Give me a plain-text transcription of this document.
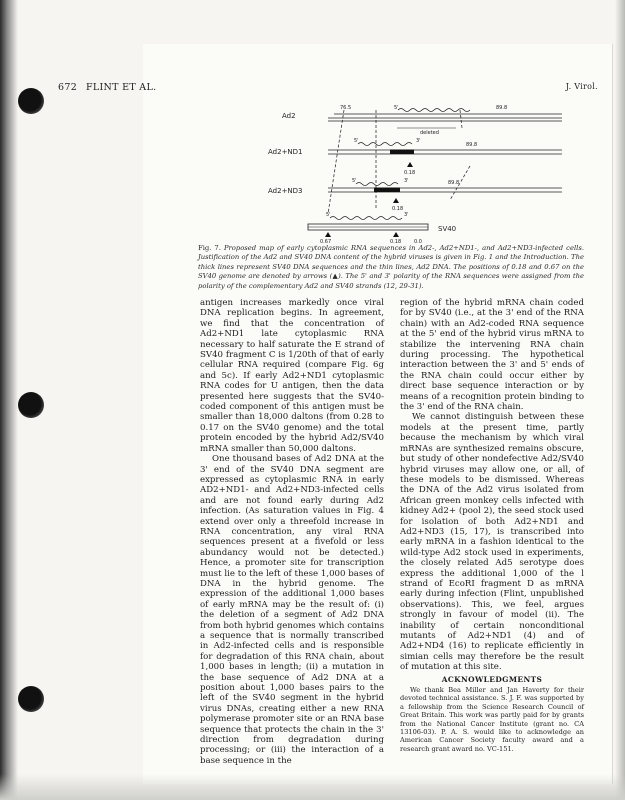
672 FLINT ET AL.	J. Virol.
Ad2
76.5	89.8
5'
deleted
Ad2+ND1
5'	3'
89.8
0.18
Ad2+ND3
5'	3'	89.8
0.18
SV40
5'	3'
0.67	0.18	0.0
Fig. 7. Proposed map of early cytoplasmic RNA sequences in Ad2-, Ad2+ND1-, and Ad2+ND3-infected cells. Justification of the Ad2 and SV40 DNA content of the hybrid viruses is given in Fig. 1 and the Introduction. The thick lines represent SV40 DNA sequences and the thin lines, Ad2 DNA. The positions of 0.18 and 0.67 on the SV40 genome are denoted by arrows (▲). The 5' and 3' polarity of the RNA sequences were assigned from the polarity of the complementary Ad2 and SV40 strands (12, 29-31).

antigen increases markedly once viral DNA replication begins. In agreement, we find that the concentration of Ad2+ND1 late cytoplasmic RNA necessary to half saturate the E strand of SV40 fragment C is 1/20th of that of early cellular RNA required (compare Fig. 6g and 5c). If early Ad2+ND1 cytoplasmic RNA codes for U antigen, then the data presented here suggests that the SV40-coded component of this antigen must be smaller than 18,000 daltons (from 0.28 to 0.17 on the SV40 genome) and the total protein encoded by the hybrid Ad2/SV40 mRNA smaller than 50,000 daltons.

One thousand bases of Ad2 DNA at the 3' end of the SV40 DNA segment are expressed as cytoplasmic RNA in early AD2+ND1- and Ad2+ND3-infected cells and are not found early during Ad2 infection. (As saturation values in Fig. 4 extend over only a threefold increase in RNA concentration, any viral RNA sequences present at a fivefold or less abundancy would not be detected.) Hence, a promoter site for transcription must lie to the left of these 1,000 bases of DNA in the hybrid genome. The expression of the additional 1,000 bases of early mRNA may be the result of: (i) the deletion of a segment of Ad2 DNA from both hybrid genomes which contains a sequence that is normally transcribed in Ad2-infected cells and is responsible for degradation of this RNA chain, about 1,000 bases in length; (ii) a mutation in the base sequence of Ad2 DNA at a position about 1,000 bases pairs to the left of the SV40 segment in the hybrid virus DNAs, creating either a new RNA polymerase promoter site or an RNA base sequence that protects the chain in the 3' direction from degradation during processing; or (iii) the interaction of a base sequence in the

region of the hybrid mRNA chain coded for by SV40 (i.e., at the 3' end of the RNA chain) with an Ad2-coded RNA sequence at the 5' end of the hybrid virus mRNA to stabilize the intervening RNA chain during processing. The hypothetical interaction between the 3' and 5' ends of the RNA chain could occur either by direct base sequence interaction or by means of a recognition protein binding to the 3' end of the RNA chain.

We cannot distinguish between these models at the present time, partly because the mechanism by which viral mRNAs are synthesized remains obscure, but study of other nondefective Ad2/SV40 hybrid viruses may allow one, or all, of these models to be dismissed. Whereas the DNA of the Ad2 virus isolated from African green monkey cells infected with kidney Ad2+ (pool 2), the seed stock used for isolation of both Ad2+ND1 and Ad2+ND3 (15, 17), is transcribed into early mRNA in a fashion identical to the wild-type Ad2 stock used in experiments, the closely related Ad5 serotype does express the additional 1,000 of the l strand of EcoRI fragment D as mRNA early during infection (Flint, unpublished observations). This, we feel, argues strongly in favour of model (ii). The inability of certain nonconditional mutants of Ad2+ND1 (4) and of Ad2+ND4 (16) to replicate efficiently in simian cells may therefore be the result of mutation at this site.

ACKNOWLEDGMENTS
We thank Bea Miller and Jan Haverty for their devoted technical assistance. S. J. F. was supported by a fellowship from the Science Research Council of Great Britain. This work was partly paid for by grants from the National Cancer Institute (grant no. CA 13106-03). P. A. S. would like to acknowledge an American Cancer Society faculty award and a research grant award no. VC-151.
